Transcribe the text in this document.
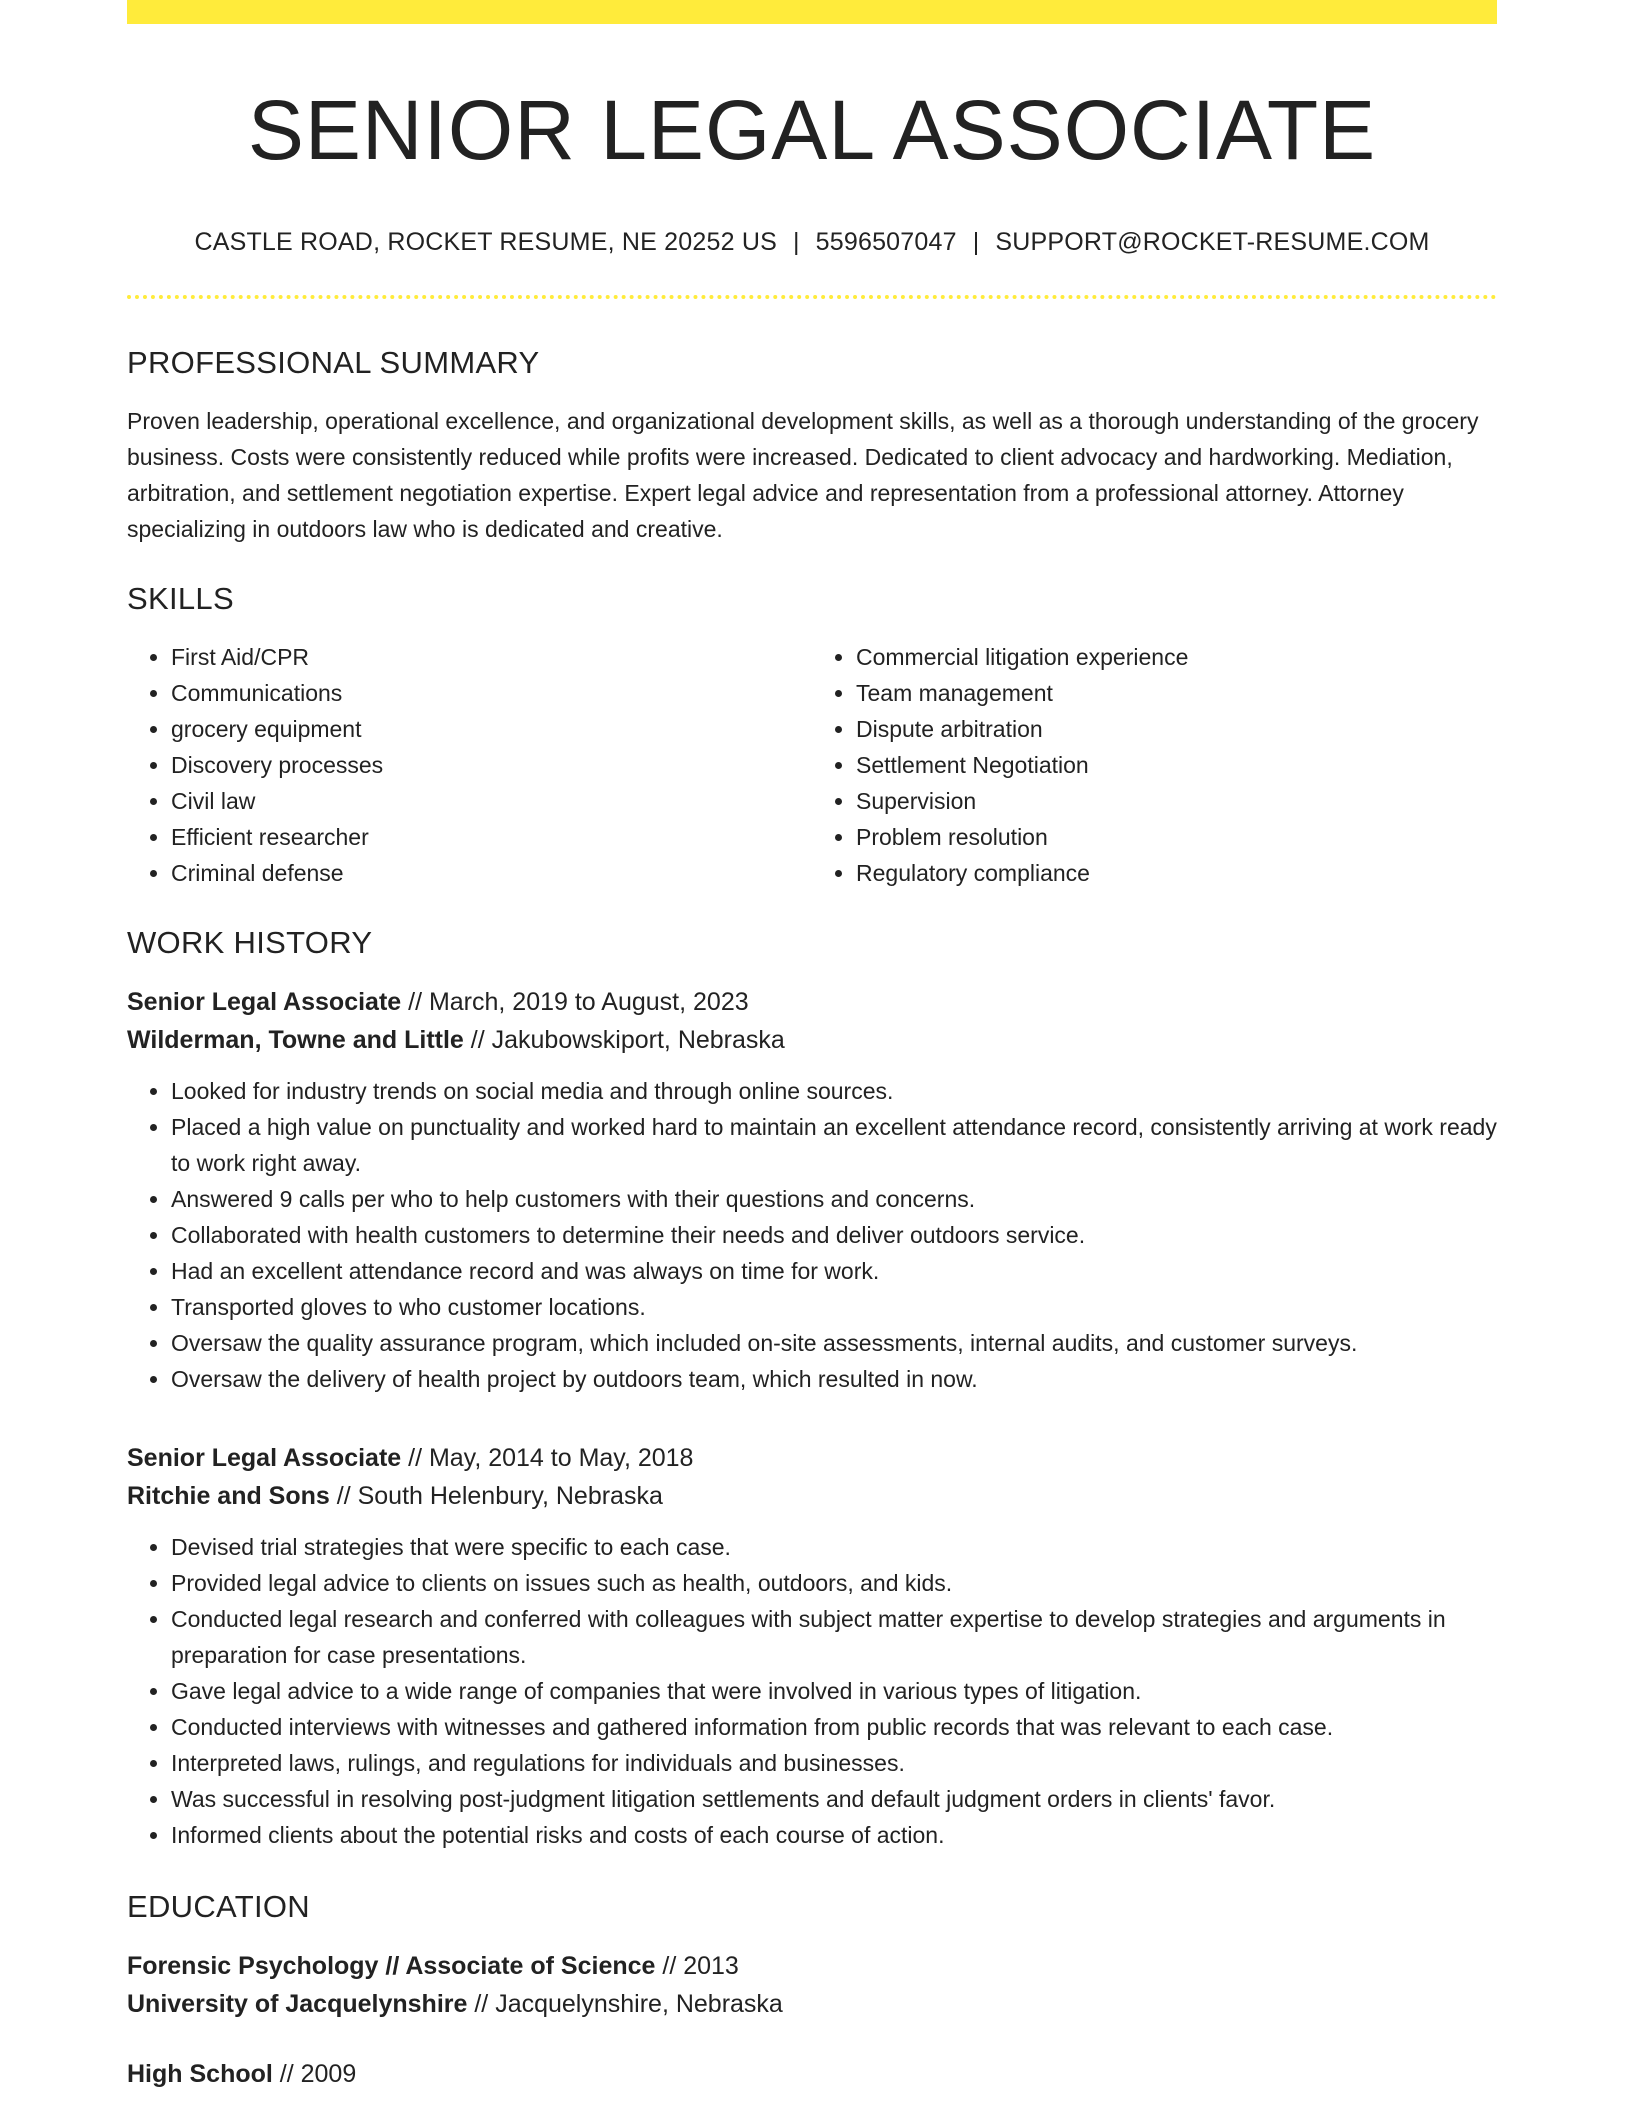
SENIOR LEGAL ASSOCIATE
CASTLE ROAD, ROCKET RESUME, NE 20252 US | 5596507047 | SUPPORT@ROCKET-RESUME.COM
PROFESSIONAL SUMMARY

Proven leadership, operational excellence, and organizational development skills, as well as a thorough understanding of the grocery business. Costs were consistently reduced while profits were increased. Dedicated to client advocacy and hardworking. Mediation, arbitration, and settlement negotiation expertise. Expert legal advice and representation from a professional attorney. Attorney specializing in outdoors law who is dedicated and creative.

SKILLS
• First Aid/CPR
• Communications
• grocery equipment
• Discovery processes
• Civil law
• Efficient researcher
• Criminal defense
• Commercial litigation experience
• Team management
• Dispute arbitration
• Settlement Negotiation
• Supervision
• Problem resolution
• Regulatory compliance
WORK HISTORY
Senior Legal Associate // March, 2019 to August, 2023
Wilderman, Towne and Little // Jakubowskiport, Nebraska
• Looked for industry trends on social media and through online sources.
• Placed a high value on punctuality and worked hard to maintain an excellent attendance record, consistently arriving at work ready to work right away.
• Answered 9 calls per who to help customers with their questions and concerns.
• Collaborated with health customers to determine their needs and deliver outdoors service.
• Had an excellent attendance record and was always on time for work.
• Transported gloves to who customer locations.
• Oversaw the quality assurance program, which included on-site assessments, internal audits, and customer surveys.
• Oversaw the delivery of health project by outdoors team, which resulted in now.
Senior Legal Associate // May, 2014 to May, 2018
Ritchie and Sons // South Helenbury, Nebraska
• Devised trial strategies that were specific to each case.
• Provided legal advice to clients on issues such as health, outdoors, and kids.
• Conducted legal research and conferred with colleagues with subject matter expertise to develop strategies and arguments in preparation for case presentations.
• Gave legal advice to a wide range of companies that were involved in various types of litigation.
• Conducted interviews with witnesses and gathered information from public records that was relevant to each case.
• Interpreted laws, rulings, and regulations for individuals and businesses.
• Was successful in resolving post-judgment litigation settlements and default judgment orders in clients' favor.
• Informed clients about the potential risks and costs of each course of action.
EDUCATION
Forensic Psychology // Associate of Science // 2013
University of Jacquelynshire // Jacquelynshire, Nebraska
High School // 2009
